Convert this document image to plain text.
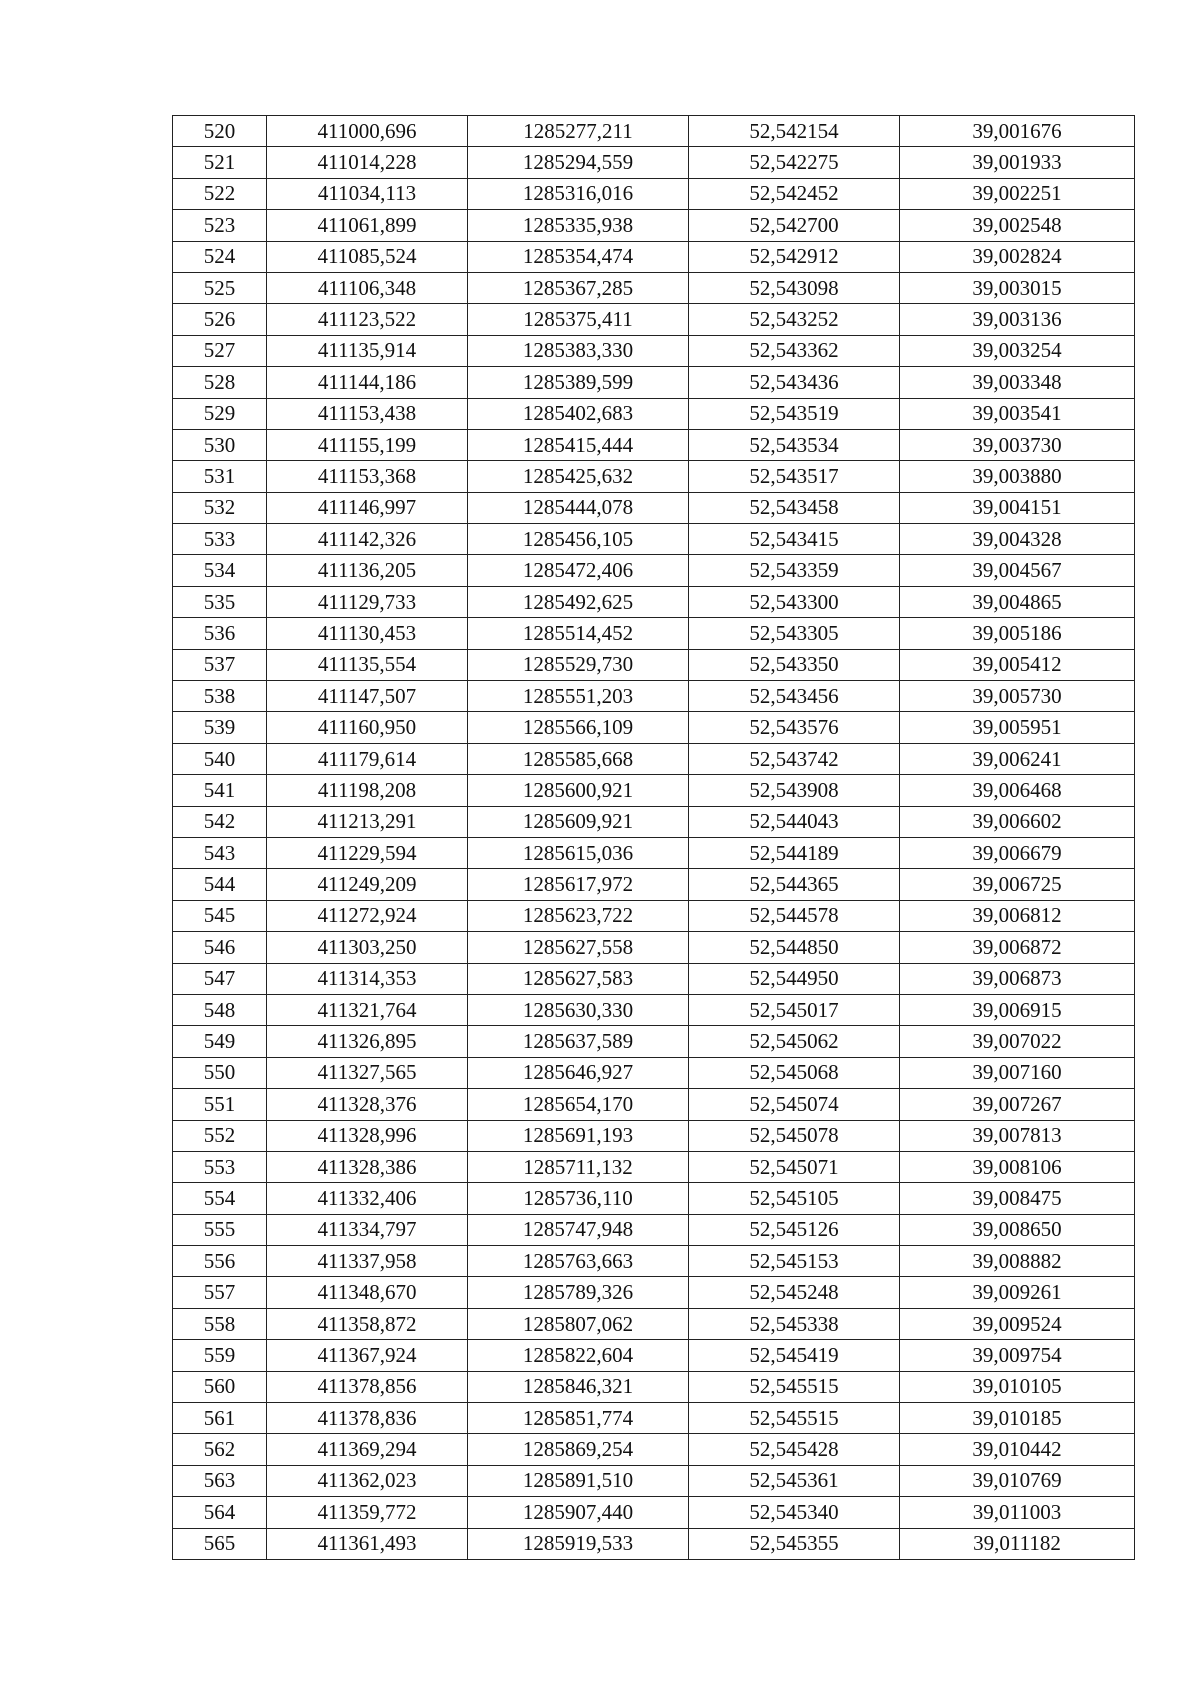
520	411000,696	1285277,211	52,542154	39,001676
521	411014,228	1285294,559	52,542275	39,001933
522	411034,113	1285316,016	52,542452	39,002251
523	411061,899	1285335,938	52,542700	39,002548
524	411085,524	1285354,474	52,542912	39,002824
525	411106,348	1285367,285	52,543098	39,003015
526	411123,522	1285375,411	52,543252	39,003136
527	411135,914	1285383,330	52,543362	39,003254
528	411144,186	1285389,599	52,543436	39,003348
529	411153,438	1285402,683	52,543519	39,003541
530	411155,199	1285415,444	52,543534	39,003730
531	411153,368	1285425,632	52,543517	39,003880
532	411146,997	1285444,078	52,543458	39,004151
533	411142,326	1285456,105	52,543415	39,004328
534	411136,205	1285472,406	52,543359	39,004567
535	411129,733	1285492,625	52,543300	39,004865
536	411130,453	1285514,452	52,543305	39,005186
537	411135,554	1285529,730	52,543350	39,005412
538	411147,507	1285551,203	52,543456	39,005730
539	411160,950	1285566,109	52,543576	39,005951
540	411179,614	1285585,668	52,543742	39,006241
541	411198,208	1285600,921	52,543908	39,006468
542	411213,291	1285609,921	52,544043	39,006602
543	411229,594	1285615,036	52,544189	39,006679
544	411249,209	1285617,972	52,544365	39,006725
545	411272,924	1285623,722	52,544578	39,006812
546	411303,250	1285627,558	52,544850	39,006872
547	411314,353	1285627,583	52,544950	39,006873
548	411321,764	1285630,330	52,545017	39,006915
549	411326,895	1285637,589	52,545062	39,007022
550	411327,565	1285646,927	52,545068	39,007160
551	411328,376	1285654,170	52,545074	39,007267
552	411328,996	1285691,193	52,545078	39,007813
553	411328,386	1285711,132	52,545071	39,008106
554	411332,406	1285736,110	52,545105	39,008475
555	411334,797	1285747,948	52,545126	39,008650
556	411337,958	1285763,663	52,545153	39,008882
557	411348,670	1285789,326	52,545248	39,009261
558	411358,872	1285807,062	52,545338	39,009524
559	411367,924	1285822,604	52,545419	39,009754
560	411378,856	1285846,321	52,545515	39,010105
561	411378,836	1285851,774	52,545515	39,010185
562	411369,294	1285869,254	52,545428	39,010442
563	411362,023	1285891,510	52,545361	39,010769
564	411359,772	1285907,440	52,545340	39,011003
565	411361,493	1285919,533	52,545355	39,011182
